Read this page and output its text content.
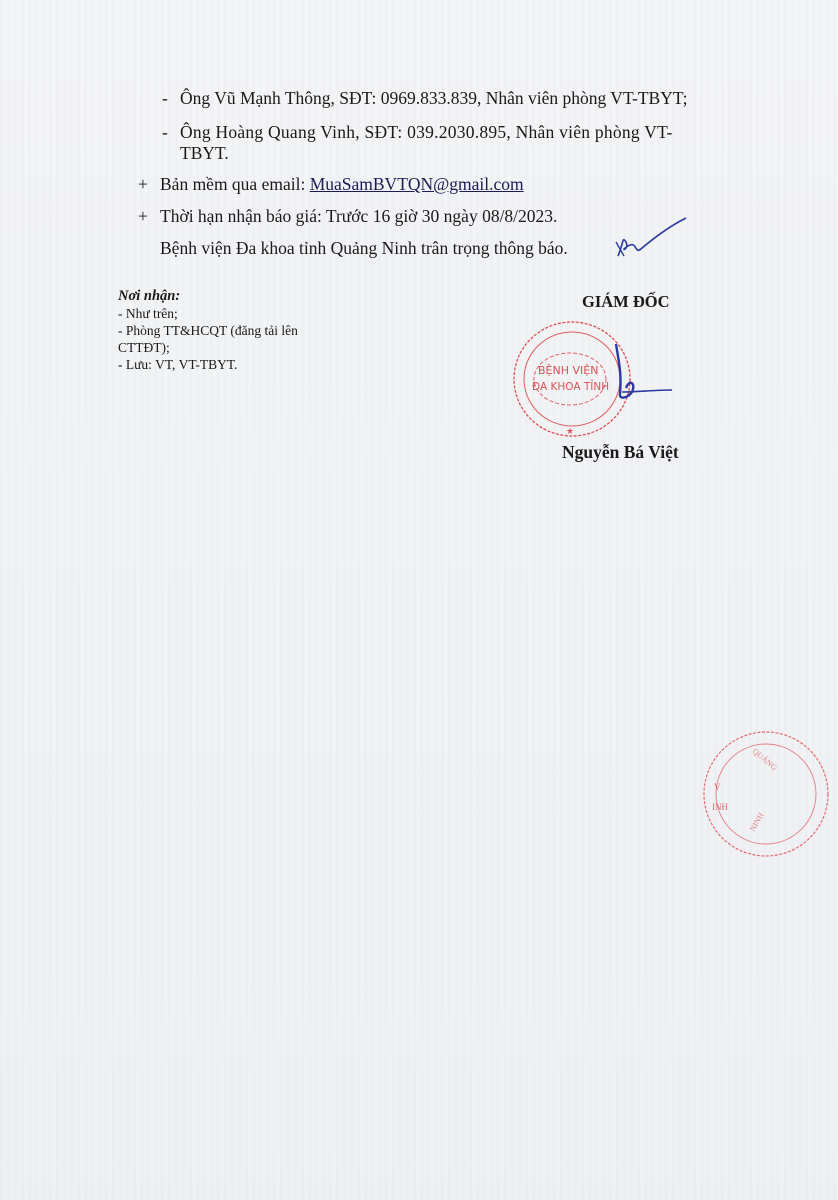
- Ông Vũ Mạnh Thông, SĐT: 0969.833.839, Nhân viên phòng VT-TBYT;
- Ông Hoàng Quang Vinh, SĐT: 039.2030.895, Nhân viên phòng VT-
TBYT.
+ Bản mềm qua email: MuaSamBVTQN@gmail.com
+ Thời hạn nhận báo giá: Trước 16 giờ 30 ngày 08/8/2023.
Bệnh viện Đa khoa tỉnh Quảng Ninh trân trọng thông báo.
Nơi nhận:
- Như trên;
- Phòng TT&HCQT (đăng tải lên
CTTĐT);
- Lưu: VT, VT-TBYT.
GIÁM ĐỐC
BỆNH VIỆN
ĐA KHOA TỈNH
★
Nguyễn Bá Việt
V
INH
QUẢNG
NINH
